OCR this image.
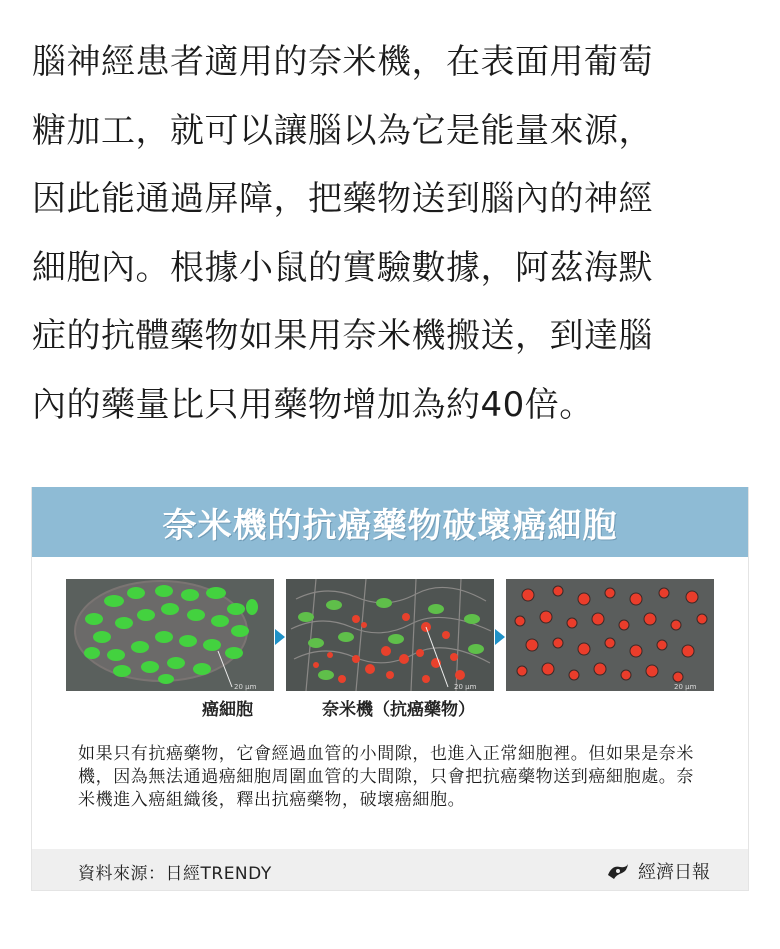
腦神經患者適用的奈米機，在表面用葡萄
糖加工，就可以讓腦以為它是能量來源，
因此能通過屏障，把藥物送到腦內的神經
細胞內。根據小鼠的實驗數據，阿茲海默
症的抗體藥物如果用奈米機搬送，到達腦
內的藥量比只用藥物增加為約40倍。
奈米機的抗癌藥物破壞癌細胞
20 μm	20 μm	20 μm
癌細胞	奈米機（抗癌藥物）
如果只有抗癌藥物，它會經過血管的小間隙，也進入正常細胞裡。但如果是奈米機，因為無法通過癌細胞周圍血管的大間隙，只會把抗癌藥物送到癌細胞處。奈米機進入癌組織後，釋出抗癌藥物，破壞癌細胞。
資料來源：日經TRENDY	經濟日報
